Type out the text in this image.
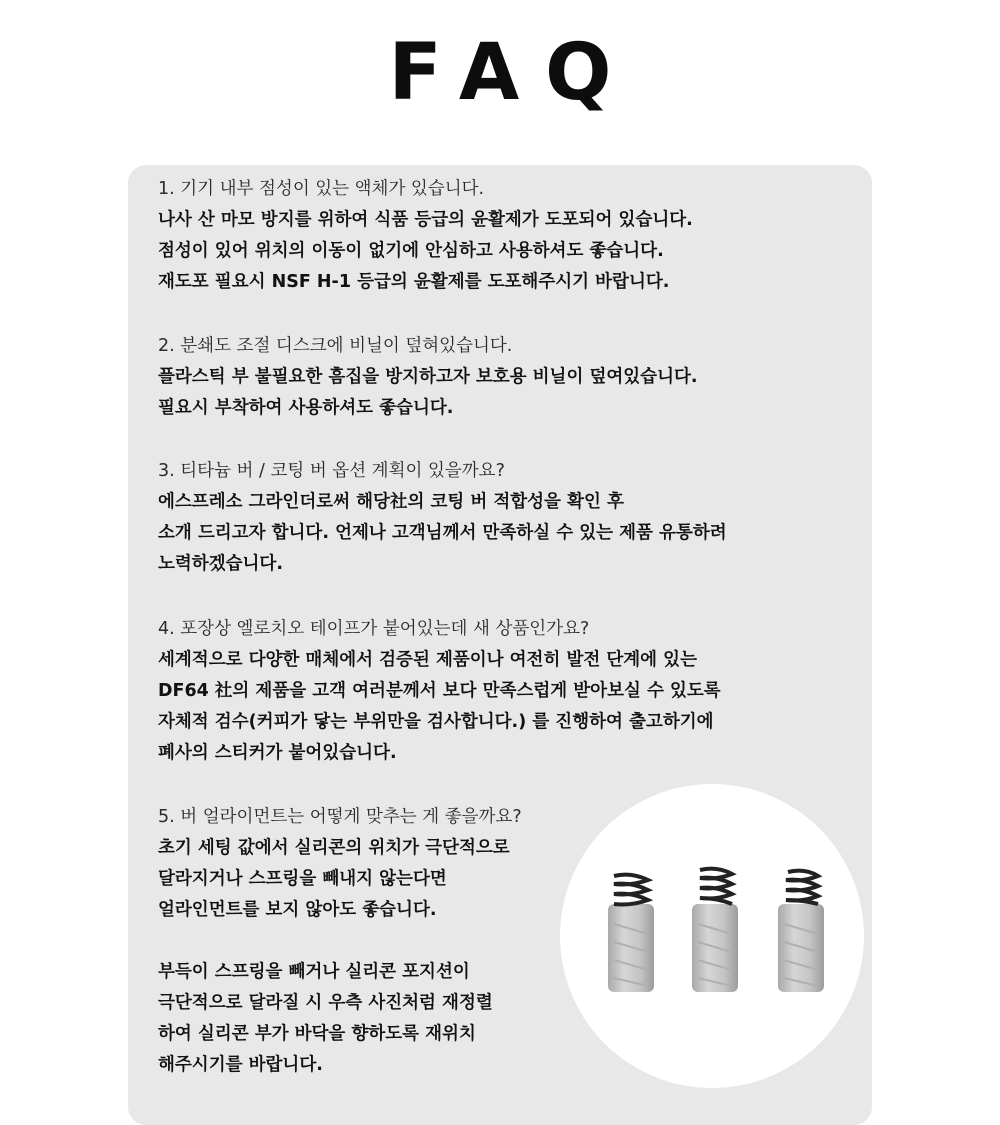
FAQ
1. 기기 내부 점성이 있는 액체가 있습니다.
나사 산 마모 방지를 위하여 식품 등급의 윤활제가 도포되어 있습니다.
점성이 있어 위치의 이동이 없기에 안심하고 사용하셔도 좋습니다.
재도포 필요시 NSF H-1 등급의 윤활제를 도포해주시기 바랍니다.
2. 분쇄도 조절 디스크에 비닐이 덮혀있습니다.
플라스틱 부 불필요한 흠집을 방지하고자 보호용 비닐이 덮여있습니다.
필요시 부착하여 사용하셔도 좋습니다.
3. 티타늄 버 / 코팅 버 옵션 계획이 있을까요?
에스프레소 그라인더로써 해당社의 코팅 버 적합성을 확인 후
소개 드리고자 합니다. 언제나 고객님께서 만족하실 수 있는 제품 유통하려
노력하겠습니다.
4. 포장상 엘로치오 테이프가 붙어있는데 새 상품인가요?
세계적으로 다양한 매체에서 검증된 제품이나 여전히 발전 단계에 있는
DF64 社의 제품을 고객 여러분께서 보다 만족스럽게 받아보실 수 있도록
자체적 검수(커피가 닿는 부위만을 검사합니다.) 를 진행하여 출고하기에
폐사의 스티커가 붙어있습니다.
5. 버 얼라이먼트는 어떻게 맞추는 게 좋을까요?
초기 세팅 값에서 실리콘의 위치가 극단적으로
달라지거나 스프링을 빼내지 않는다면
얼라인먼트를 보지 않아도 좋습니다.
부득이 스프링을 빼거나 실리콘 포지션이
극단적으로 달라질 시 우측 사진처럼 재정렬
하여 실리콘 부가 바닥을 향하도록 재위치
해주시기를 바랍니다.
